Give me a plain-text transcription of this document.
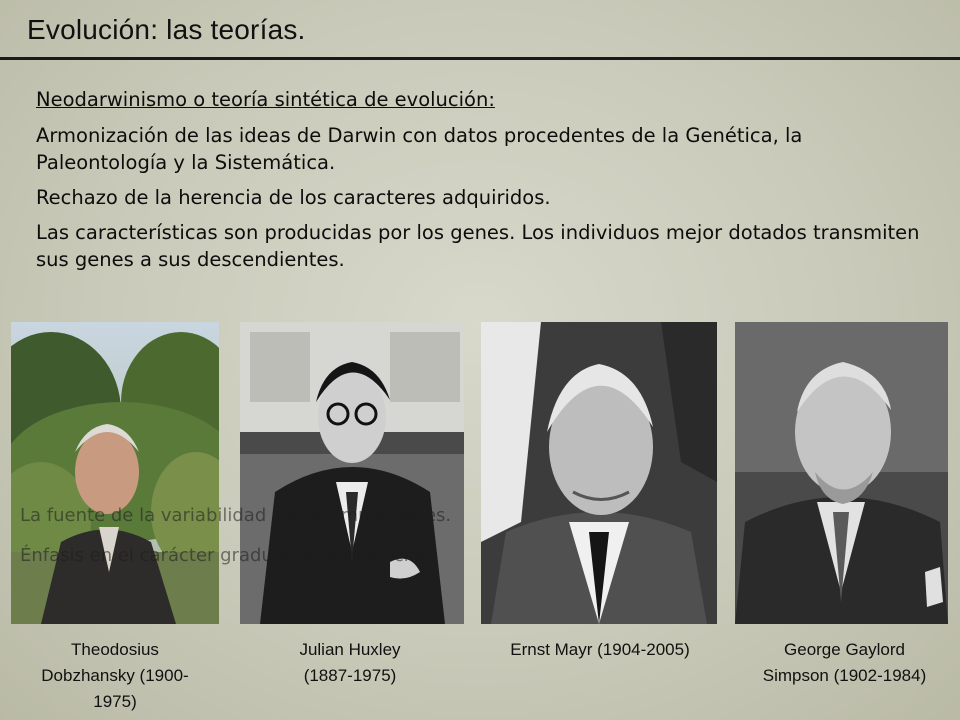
Evolución: las teorías.

Neodarwinismo o teoría sintética de evolución:

Armonización de las ideas de Darwin con datos procedentes de la Genética, la Paleontología y la Sistemática.

Rechazo de la herencia de los caracteres adquiridos.

Las características son producidas por los genes. Los individuos mejor dotados transmiten sus genes a sus descendientes.

La fuente de la variabilidad son las mutaciones.
Énfasis en el carácter gradual de la evolución.
Theodosius Dobzhansky (1900-1975)
Julian Huxley (1887-1975)
Ernst Mayr (1904-2005)	George Gaylord Simpson (1902-1984)
